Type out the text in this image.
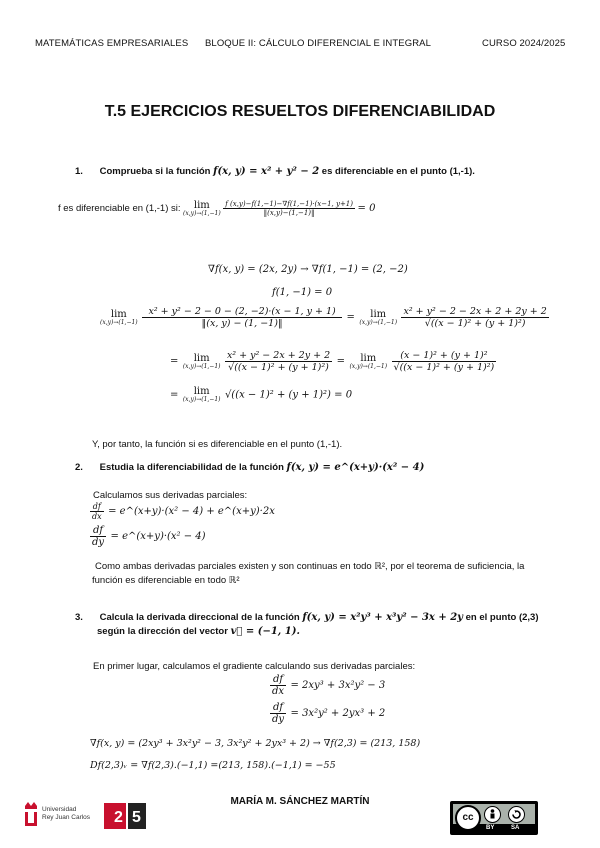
MATEMÁTICAS EMPRESARIALES BLOQUE II: CÁLCULO DIFERENCIAL E INTEGRAL	CURSO 2024/2025
T.5 EJERCICIOS RESUELTOS DIFERENCIABILIDAD
1. Comprueba si la función f(x, y) = x² + y² − 2 es diferenciable en el punto (1,-1).
f es diferenciable en (1,-1) si:	lim
(x,y)→(1,−1)
$\frac{f (x,y)-f(1,-1)-\nabla f(1,-1)\cdot(x-1, y+1)}{‖(x,y)-(1,-1)‖} = 0$
∇f(x, y) = (2x, 2y) → ∇f(1, −1) = (2, −2)
f(1, −1) = 0
lim
(x,y)→(1,−1)
$\frac{\text{x² + y² − 2 − 0 − (2, −2)·(x − 1, y + 1)}}{‖(x, y) - (1, -1)‖}$ =	lim
(x,y)→(1,−1)
$\frac{\text{x² + y² − 2 − 2x + 2 + 2y + 2}}{\text{√((x − 1)² + (y + 1)²)}}$
=	lim
(x,y)→(1,−1)
$\frac{\text{x² + y² − 2x + 2y + 2}}{\text{√((x − 1)² + (y + 1)²)}}$ =	lim
(x,y)→(1,−1)
$\frac{\text{(x − 1)² + (y + 1)²}}{\text{√((x − 1)² + (y + 1)²)}}$
=	lim
(x,y)→(1,−1) √((x − 1)² + (y + 1)²) = 0
Y, por tanto, la función si es diferenciable en el punto (1,-1).
2. Estudia la diferenciabilidad de la función f(x, y) = e^(x+y)·(x² − 4)
Calculamos sus derivadas parciales:
$\frac{df}{dx}$ = e^(x+y)·(x² − 4) + e^(x+y)·2x
$\frac{df}{dy}$ = e^(x+y)·(x² − 4)
Como ambas derivadas parciales existen y son continuas en todo ℝ², por el teorema de suficiencia, la
función es diferenciable en todo ℝ²
3. Calcula la derivada direccional de la función f(x, y) = x²y³ + x³y² − 3x + 2y en el punto (2,3)
según la dirección del vector v⃗ = (−1, 1).
En primer lugar, calculamos el gradiente calculando sus derivadas parciales:
$\frac{df}{dx} = 2xy^3 + 3x^2y^2 - 3$
$\frac{df}{dy} = 3x^2y^2 + 2yx^3 + 2$
∇f(x, y) = (2xy³ + 3x²y² − 3, 3x²y² + 2yx³ + 2) → ∇f(2,3) = (213, 158)
Df(2,3)ᵥ = ∇f(2,3).(−1,1) =(213, 158).(−1,1) = −55
2 5
Universidad
Rey Juan Carlos
MARÍA M. SÁNCHEZ MARTÍN
cc
BY	SA
